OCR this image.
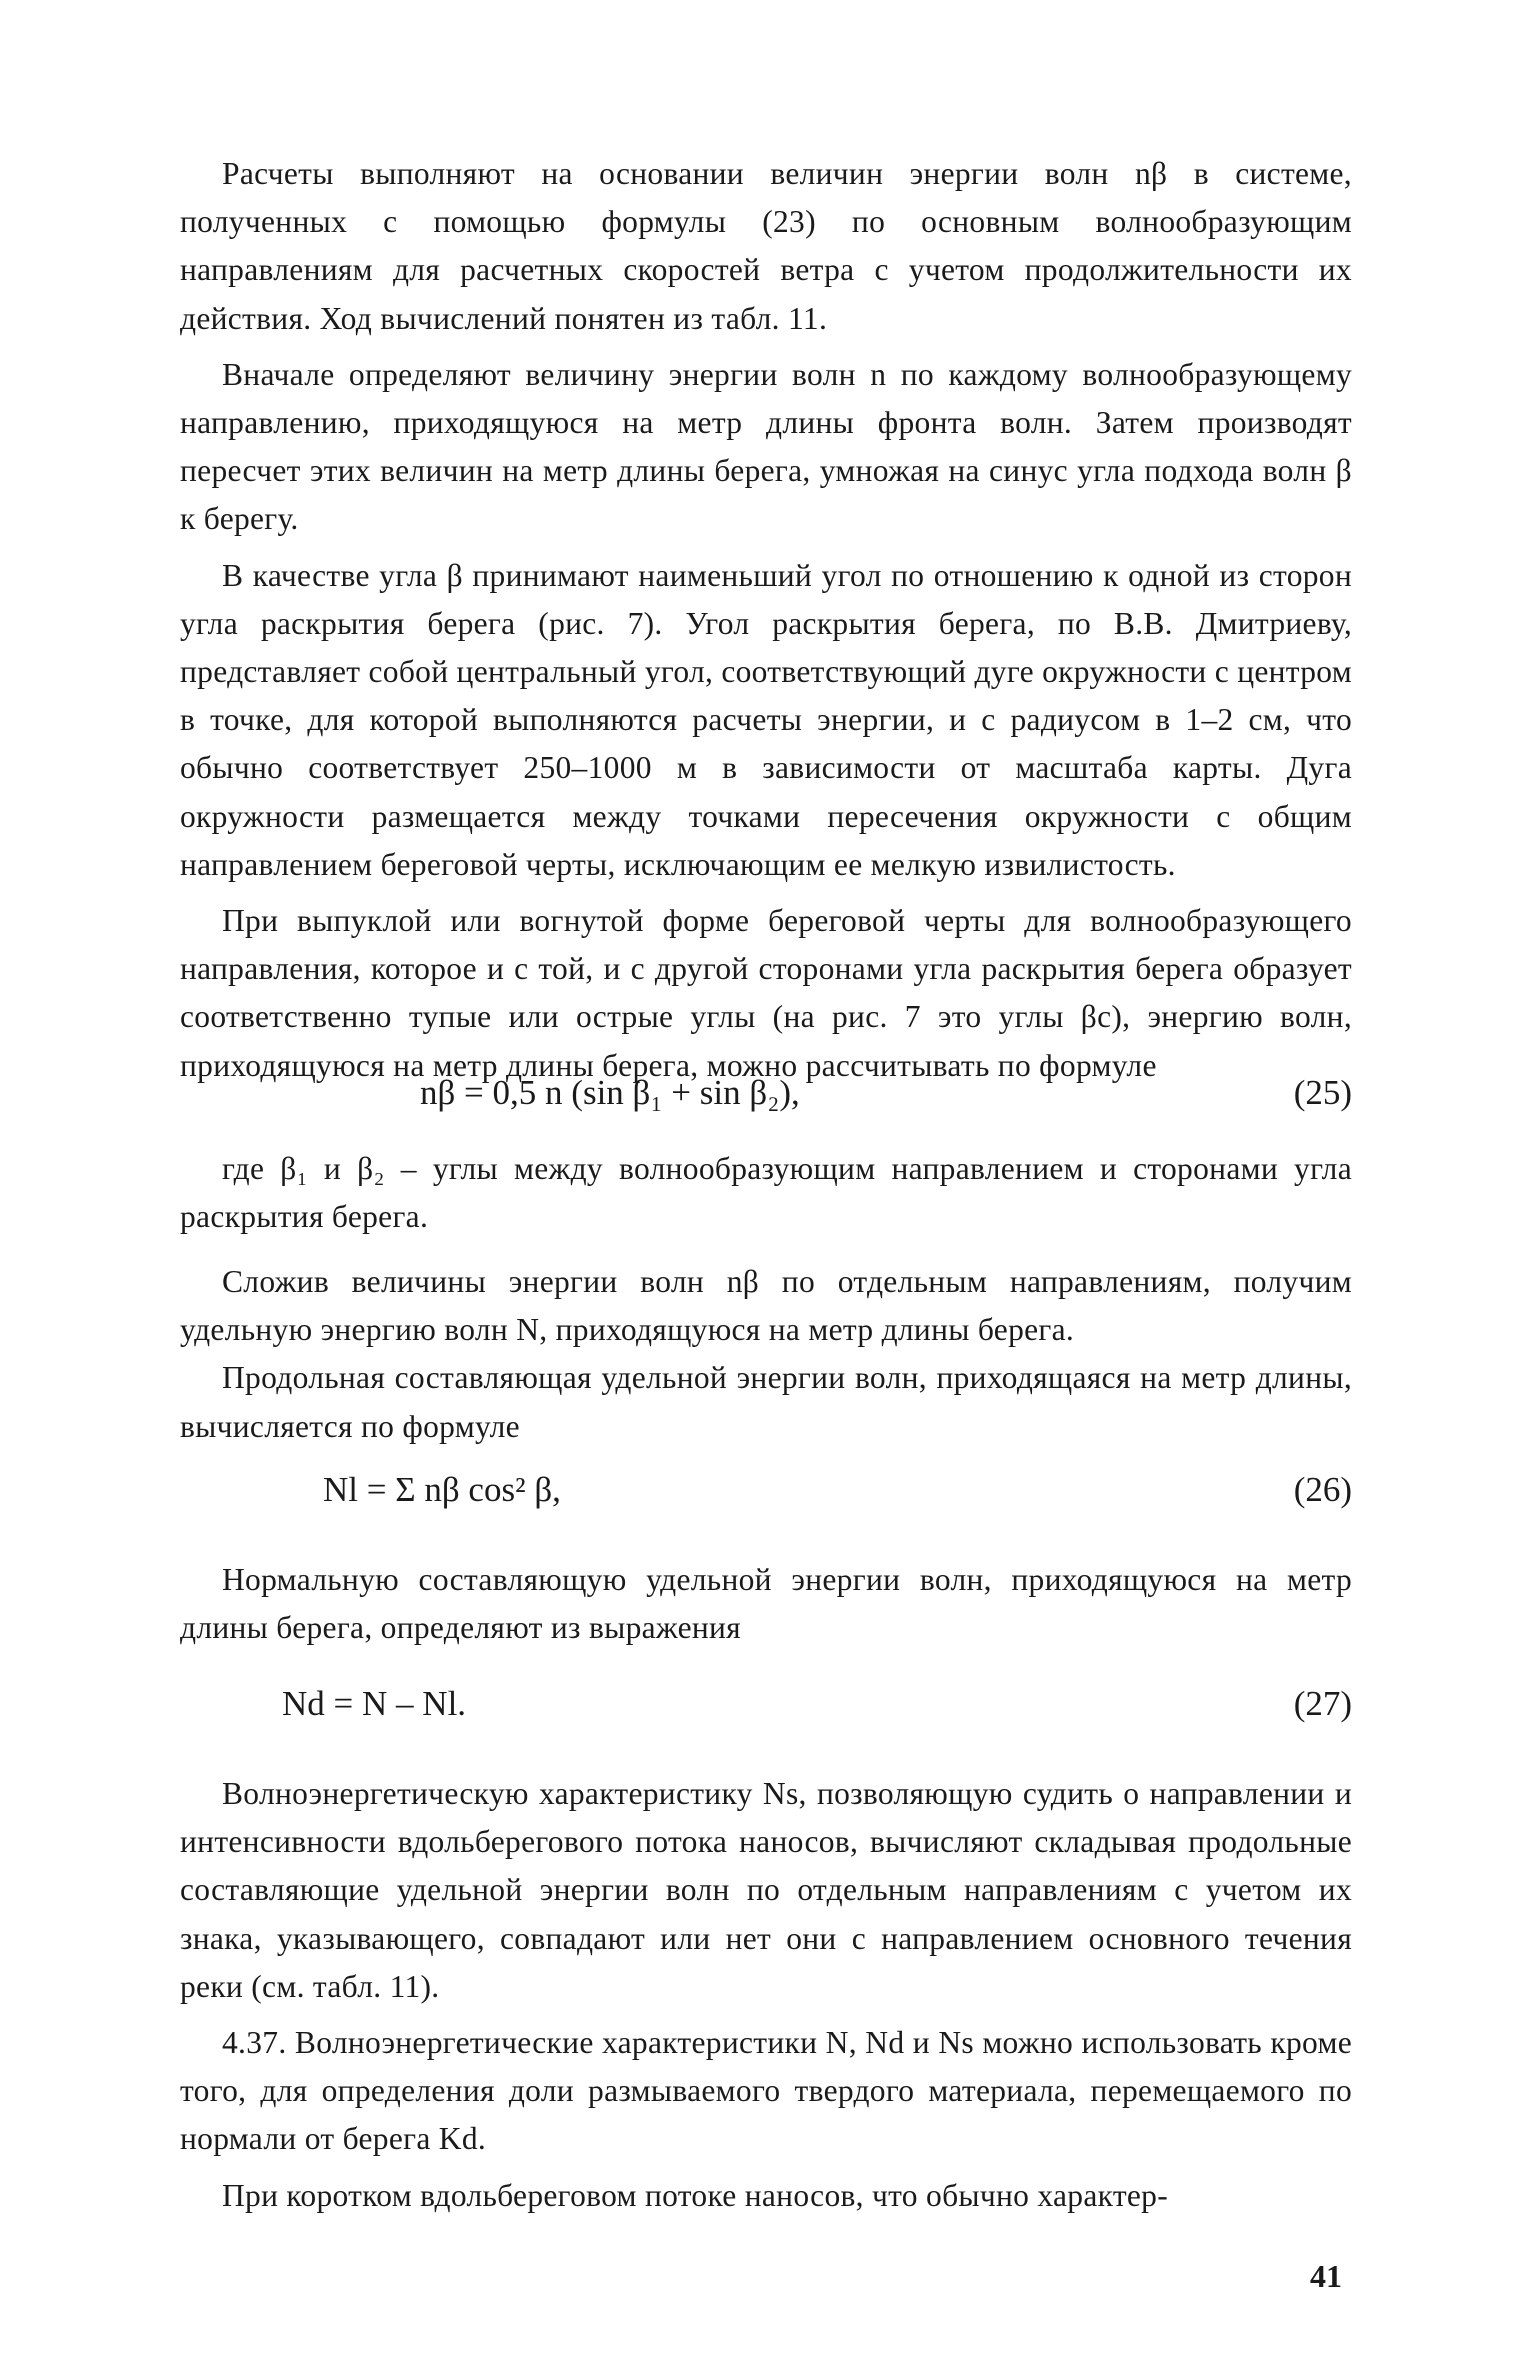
Расчеты выполняют на основании величин энергии волн nβ в системе, полученных с помощью формулы (23) по основным волнообразующим направлениям для расчетных скоростей ветра с учетом продолжительности их действия. Ход вычислений понятен из табл. 11.

Вначале определяют величину энергии волн n по каждому волнообразующему направлению, приходящуюся на метр длины фронта волн. Затем производят пересчет этих величин на метр длины берега, умножая на синус угла подхода волн β к берегу.

В качестве угла β принимают наименьший угол по отношению к одной из сторон угла раскрытия берега (рис. 7). Угол раскрытия берега, по В.В. Дмитриеву, представляет собой центральный угол, соответствующий дуге окружности с центром в точке, для которой выполняются расчеты энергии, и с радиусом в 1–2 см, что обычно соответствует 250–1000 м в зависимости от масштаба карты. Дуга окружности размещается между точками пересечения окружности с общим направлением береговой черты, исключающим ее мелкую извилистость.

При выпуклой или вогнутой форме береговой черты для волнообразующего направления, которое и с той, и с другой сторонами угла раскрытия берега образует соответственно тупые или острые углы (на рис. 7 это углы βc), энергию волн, приходящуюся на метр длины берега, можно рассчитывать по формуле

nβ = 0,5 n (sin β₁ + sin β₂),	(25)

где β₁ и β₂ – углы между волнообразующим направлением и сторонами угла раскрытия берега.

Сложив величины энергии волн nβ по отдельным направлениям, получим удельную энергию волн N, приходящуюся на метр длины берега.

Продольная составляющая удельной энергии волн, приходящаяся на метр длины, вычисляется по формуле

Nl = Σ nβ cos² β,	(26)

Нормальную составляющую удельной энергии волн, приходящуюся на метр длины берега, определяют из выражения

Nd = N – Nl.	(27)

Волноэнергетическую характеристику Ns, позволяющую судить о направлении и интенсивности вдольберегового потока наносов, вычисляют складывая продольные составляющие удельной энергии волн по отдельным направлениям с учетом их знака, указывающего, совпадают или нет они с направлением основного течения реки (см. табл. 11).

4.37. Волноэнергетические характеристики N, Nd и Ns можно использовать кроме того, для определения доли размываемого твердого материала, перемещаемого по нормали от берега Kd.

При коротком вдольбереговом потоке наносов, что обычно характер-

41
